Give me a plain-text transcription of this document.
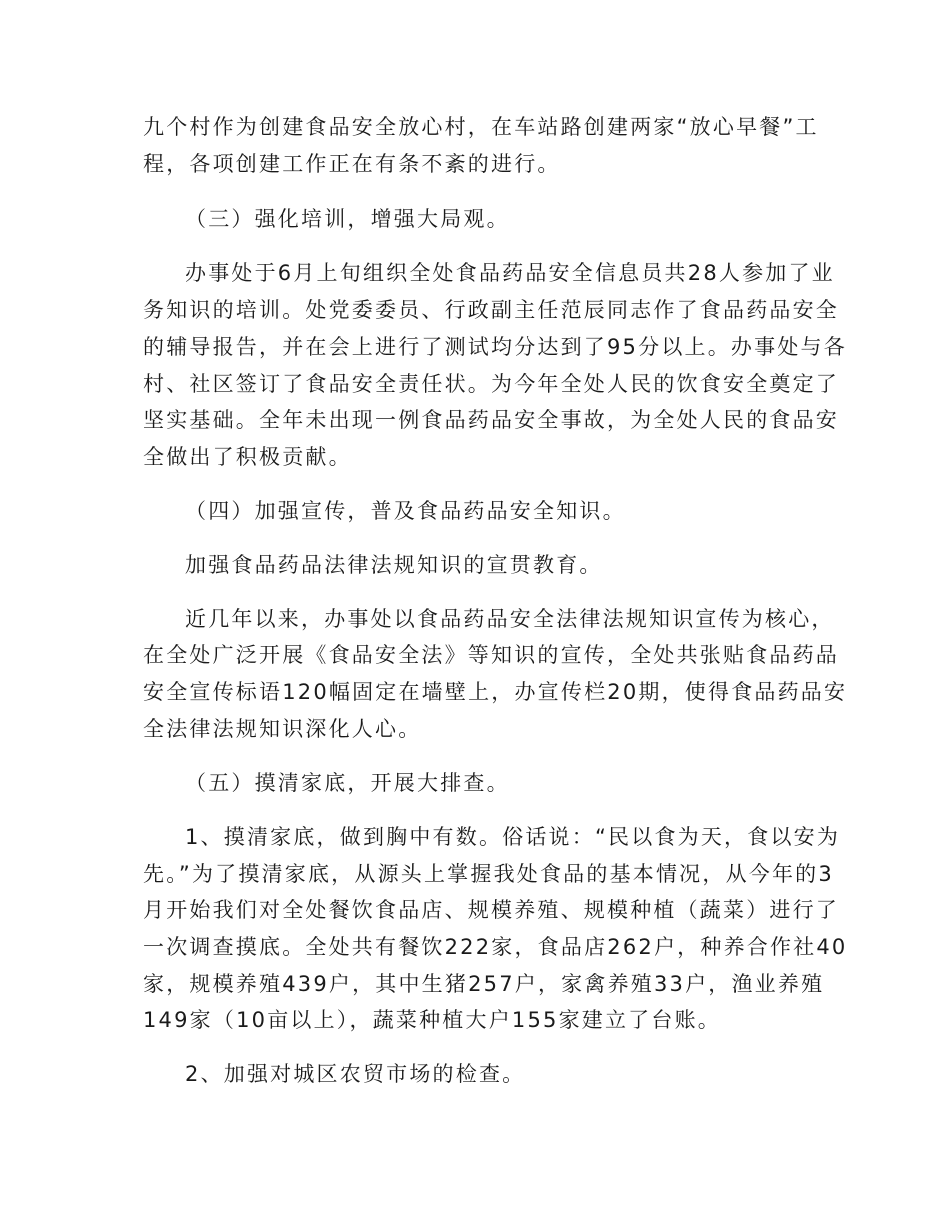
九个村作为创建食品安全放心村，在车站路创建两家“放心早餐”工
程，各项创建工作正在有条不紊的进行。
（三）强化培训，增强大局观。
办事处于6月上旬组织全处食品药品安全信息员共28人参加了业
务知识的培训。处党委委员、行政副主任范辰同志作了食品药品安全
的辅导报告，并在会上进行了测试均分达到了95分以上。办事处与各
村、社区签订了食品安全责任状。为今年全处人民的饮食安全奠定了
坚实基础。全年未出现一例食品药品安全事故，为全处人民的食品安
全做出了积极贡献。
（四）加强宣传，普及食品药品安全知识。
加强食品药品法律法规知识的宣贯教育。
近几年以来，办事处以食品药品安全法律法规知识宣传为核心，
在全处广泛开展《食品安全法》等知识的宣传，全处共张贴食品药品
安全宣传标语120幅固定在墙壁上，办宣传栏20期，使得食品药品安
全法律法规知识深化人心。
（五）摸清家底，开展大排查。
1、摸清家底，做到胸中有数。俗话说：“民以食为天，食以安为
先。”为了摸清家底，从源头上掌握我处食品的基本情况，从今年的3
月开始我们对全处餐饮食品店、规模养殖、规模种植（蔬菜）进行了
一次调查摸底。全处共有餐饮222家，食品店262户，种养合作社40
家，规模养殖439户，其中生猪257户，家禽养殖33户，渔业养殖
149家（10亩以上），蔬菜种植大户155家建立了台账。
2、加强对城区农贸市场的检查。
